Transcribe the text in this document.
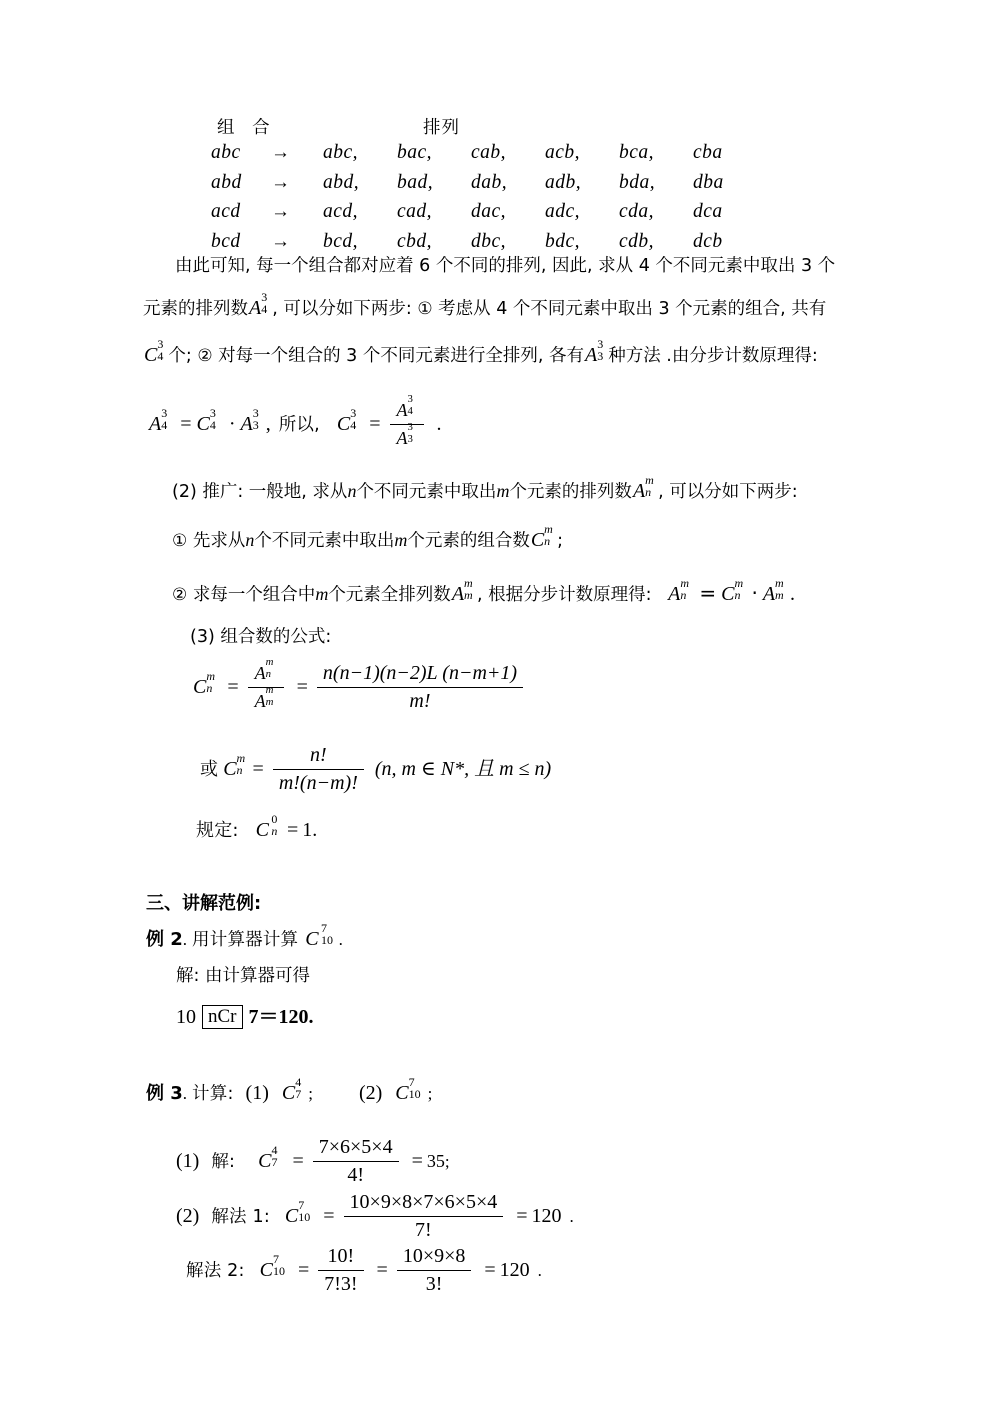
组 合	排列
abc → abc, bac, cab, acb, bca, cba
abd → abd, bad, dab, adb, bda, dba
acd → acd, cad, dac, adc, cda, dca
bcd → bcd, cbd, dbc, bdc, cdb, dcb
由此可知, 每一个组合都对应着 6 个不同的排列, 因此, 求从 4 个不同元素中取出 3 个
元素的排列数A
3
4 , 可以分如下两步: ① 考虑从 4 个不同元素中取出 3 个元素的组合, 共有
C
3
4 个; ② 对每一个组合的 3 个不同元素进行全排列, 各有A
3
3 种方法 .由分步计数原理得:
A
3
4 = C
3
4 · A
3
3 , 所以, C
3
4 = A
3
4
A
3
3 .
(2) 推广: 一般地, 求从n个不同元素中取出m个元素的排列数A
m
n , 可以分如下两步:
① 先求从n个不同元素中取出m个元素的组合数C
m
n ;
② 求每一个组合中m个元素全排列数A
m
m , 根据分步计数原理得: A
m
n = C
m
n · A
m
m .
(3) 组合数的公式:
C
m
n = A
m
n
A
m
$m = \frac{n(n-1)(n-2)L (n-m+1)}{m!}$
或 C
m
$n = \frac{n!}{m!(n-m)!} (n$, m ∈ N*, 且 m ≤ n)
规定: C
0
n = 1.
三、讲解范例:
例 2. 用计算器计算 C
7
10 .
解: 由计算器可得
10 nCr 7＝120.
例 3. 计算: (1) C
4
7 ; (2) C
7
10 ;
(1) 解: C
4
$7 = \frac{7\times 6\times 5\times 4}{4!} = 35$;
(2) 解法 1: C
7
$10 = \frac{10\times 9\times 8\times 7\times 6\times 5\times 4}{7!} = 120$ .
解法 2: C
7
$10 = \frac{10!}{7!3!} = \frac{10\times 9\times 8}{3!} = 120$ .
